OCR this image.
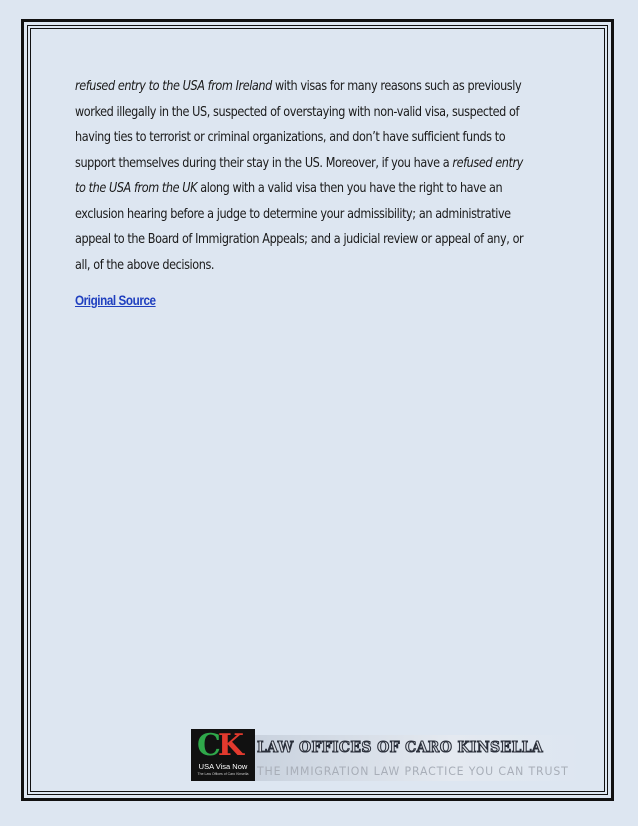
refused entry to the USA from Ireland with visas for many reasons such as previously worked illegally in the US, suspected of overstaying with non-valid visa, suspected of having ties to terrorist or criminal organizations, and don’t have sufficient funds to support themselves during their stay in the US. Moreover, if you have a refused entry to the USA from the UK along with a valid visa then you have the right to have an exclusion hearing before a judge to determine your admissibility; an administrative appeal to the Board of Immigration Appeals; and a judicial review or appeal of any, or all, of the above decisions.

Original Source
CK
USA Visa Now
The Law Offices of Caro Kinsella
LAW OFFICES OF CARO KINSELLA
THE IMMIGRATION LAW PRACTICE YOU CAN TRUST
